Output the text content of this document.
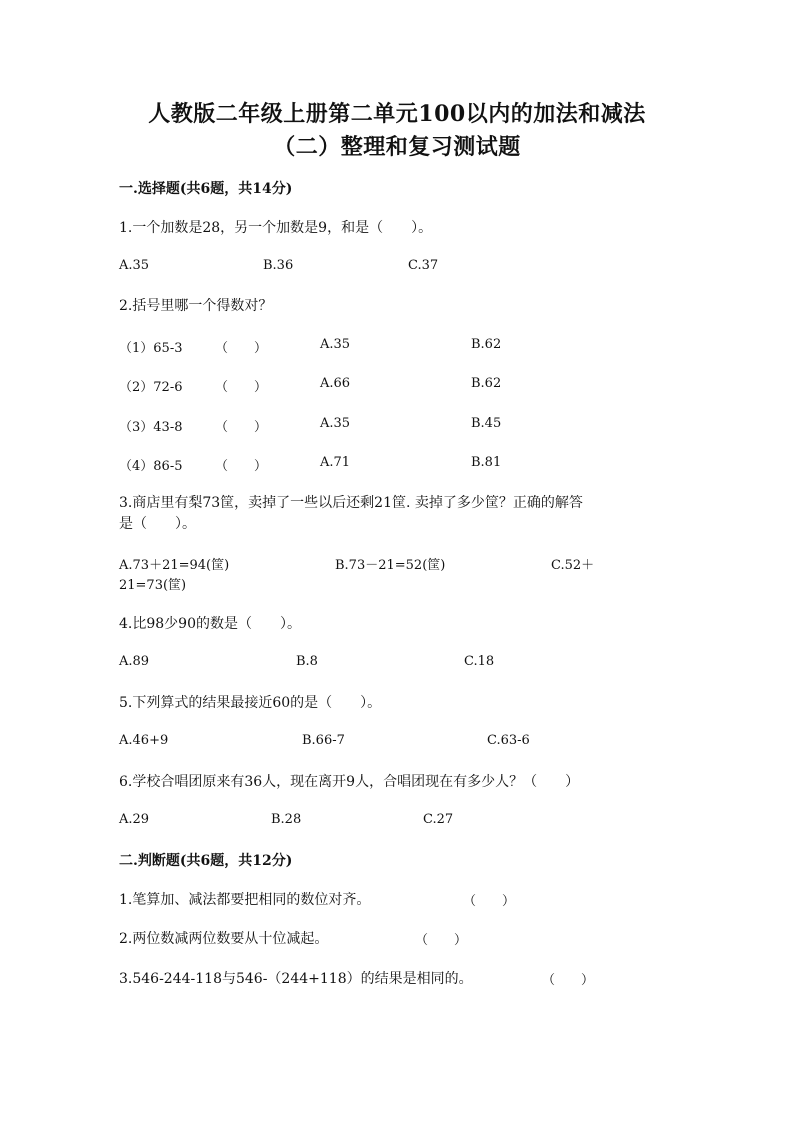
人教版二年级上册第二单元100以内的加法和减法
（二）整理和复习测试题
一.选择题(共6题，共14分)
1.一个加数是28，另一个加数是9，和是（　　）。
A.35	B.36	C.37
2.括号里哪一个得数对？
（1）65-3	（　　）	A.35	B.62
（2）72-6	（　　）	A.66	B.62
（3）43-8	（　　）	A.35	B.45
（4）86-5	（　　）	A.71	B.81
3.商店里有梨73筐，卖掉了一些以后还剩21筐. 卖掉了多少筐？正确的解答
是（　　）。
A.73＋21=94(筐)	B.73－21=52(筐)	C.52＋
21=73(筐)
4.比98少90的数是（　　）。
A.89	B.8	C.18
5.下列算式的结果最接近60的是（　　）。
A.46+9	B.66-7	C.63-6
6.学校合唱团原来有36人，现在离开9人，合唱团现在有多少人？（　　）
A.29	B.28	C.27
二.判断题(共6题，共12分)
1.笔算加、减法都要把相同的数位对齐。	（　　）
2.两位数减两位数要从十位减起。	（　　）
3.546-244-118与546-（244+118）的结果是相同的。	（　　）
